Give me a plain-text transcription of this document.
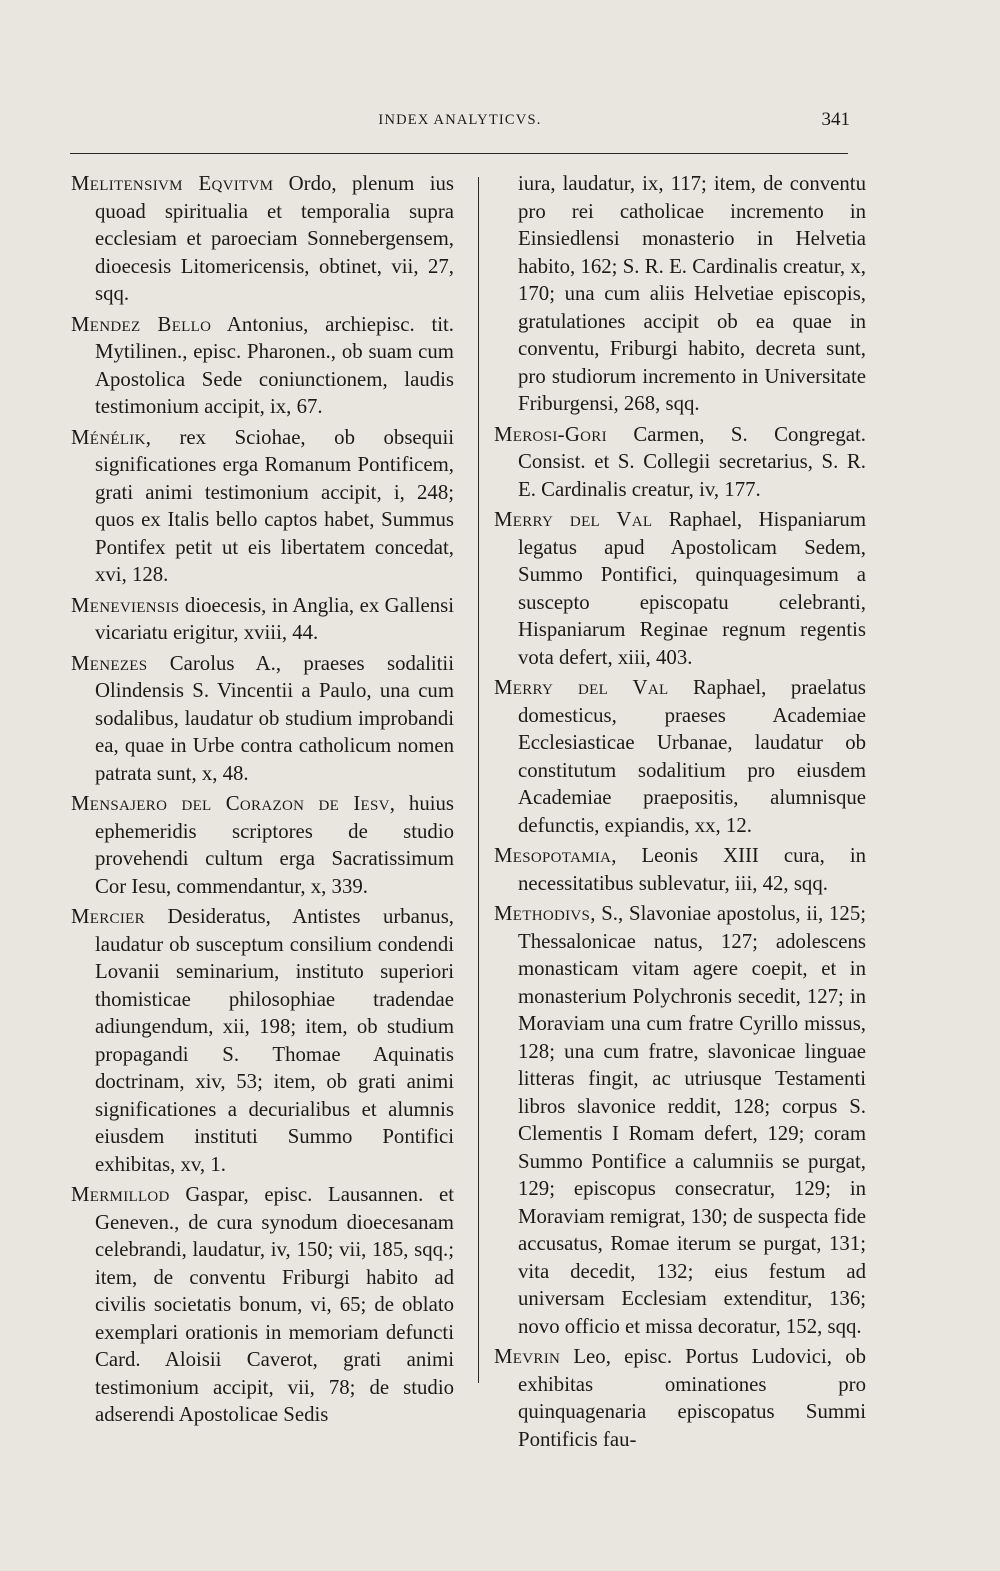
INDEX ANALYTICVS.	341

Melitensivm Eqvitvm Ordo, plenum ius quoad spiritualia et temporalia supra ecclesiam et paroeciam Sonnebergensem, dioecesis Litomericensis, obtinet, vii, 27, sqq.

Mendez Bello Antonius, archiepisc. tit. Mytilinen., episc. Pharonen., ob suam cum Apostolica Sede coniunctionem, laudis testimonium accipit, ix, 67.

Ménélik, rex Sciohae, ob obsequii significationes erga Romanum Pontificem, grati animi testimonium accipit, i, 248; quos ex Italis bello captos habet, Summus Pontifex petit ut eis libertatem concedat, xvi, 128.

Meneviensis dioecesis, in Anglia, ex Gallensi vicariatu erigitur, xviii, 44.

Menezes Carolus A., praeses sodalitii Olindensis S. Vincentii a Paulo, una cum sodalibus, laudatur ob studium improbandi ea, quae in Urbe contra catholicum nomen patrata sunt, x, 48.

Mensajero del Corazon de Iesv, huius ephemeridis scriptores de studio provehendi cultum erga Sacratissimum Cor Iesu, commendantur, x, 339.

Mercier Desideratus, Antistes urbanus, laudatur ob susceptum consilium condendi Lovanii seminarium, instituto superiori thomisticae philosophiae tradendae adiungendum, xii, 198; item, ob studium propagandi S. Thomae Aquinatis doctrinam, xiv, 53; item, ob grati animi significationes a decurialibus et alumnis eiusdem instituti Summo Pontifici exhibitas, xv, 1.

Mermillod Gaspar, episc. Lausannen. et Geneven., de cura synodum dioecesanam celebrandi, laudatur, iv, 150; vii, 185, sqq.; item, de conventu Friburgi habito ad civilis societatis bonum, vi, 65; de oblato exemplari orationis in memoriam defuncti Card. Aloisii Caverot, grati animi testimonium accipit, vii, 78; de studio adserendi Apostolicae Sedis

iura, laudatur, ix, 117; item, de conventu pro rei catholicae incremento in Einsiedlensi monasterio in Helvetia habito, 162; S. R. E. Cardinalis creatur, x, 170; una cum aliis Helvetiae episcopis, gratulationes accipit ob ea quae in conventu, Friburgi habito, decreta sunt, pro studiorum incremento in Universitate Friburgensi, 268, sqq.

Merosi-Gori Carmen, S. Congregat. Consist. et S. Collegii secretarius, S. R. E. Cardinalis creatur, iv, 177.

Merry del Val Raphael, Hispaniarum legatus apud Apostolicam Sedem, Summo Pontifici, quinquagesimum a suscepto episcopatu celebranti, Hispaniarum Reginae regnum regentis vota defert, xiii, 403.

Merry del Val Raphael, praelatus domesticus, praeses Academiae Ecclesiasticae Urbanae, laudatur ob constitutum sodalitium pro eiusdem Academiae praepositis, alumnisque defunctis, expiandis, xx, 12.

Mesopotamia, Leonis XIII cura, in necessitatibus sublevatur, iii, 42, sqq.

Methodivs, S., Slavoniae apostolus, ii, 125; Thessalonicae natus, 127; adolescens monasticam vitam agere coepit, et in monasterium Polychronis secedit, 127; in Moraviam una cum fratre Cyrillo missus, 128; una cum fratre, slavonicae linguae litteras fingit, ac utriusque Testamenti libros slavonice reddit, 128; corpus S. Clementis I Romam defert, 129; coram Summo Pontifice a calumniis se purgat, 129; episcopus consecratur, 129; in Moraviam remigrat, 130; de suspecta fide accusatus, Romae iterum se purgat, 131; vita decedit, 132; eius festum ad universam Ecclesiam extenditur, 136; novo officio et missa decoratur, 152, sqq.

Mevrin Leo, episc. Portus Ludovici, ob exhibitas ominationes pro quinquagenaria episcopatus Summi Pontificis fau-
